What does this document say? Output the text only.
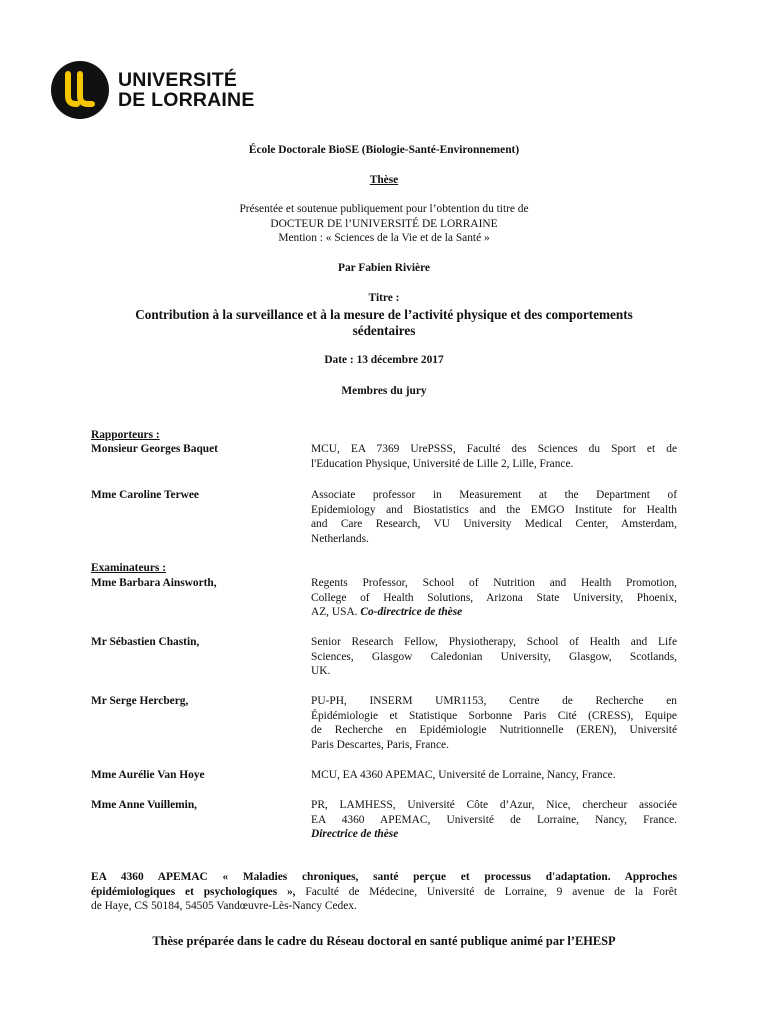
UNIVERSITÉ
DE LORRAINE
École Doctorale BioSE (Biologie-Santé-Environnement)
Thèse
Présentée et soutenue publiquement pour l’obtention du titre de
DOCTEUR DE l’UNIVERSITÉ DE LORRAINE
Mention : « Sciences de la Vie et de la Santé »
Par Fabien Rivière
Titre :
Contribution à la surveillance et à la mesure de l’activité physique et des comportements
sédentaires
Date : 13 décembre 2017
Membres du jury
Rapporteurs :
Monsieur Georges Baquet	MCU, EA 7369 UrePSSS, Faculté des Sciences du Sport et de
l'Education Physique, Université de Lille 2, Lille, France.
Mme Caroline Terwee	Associate professor in Measurement at the Department of
Epidemiology and Biostatistics and the EMGO Institute for Health
and Care Research, VU University Medical Center, Amsterdam,
Netherlands.
Examinateurs :
Mme Barbara Ainsworth,	Regents Professor, School of Nutrition and Health Promotion,
College of Health Solutions, Arizona State University, Phoenix,
AZ, USA. Co-directrice de thèse
Mr Sébastien Chastin,	Senior Research Fellow, Physiotherapy, School of Health and Life
Sciences, Glasgow Caledonian University, Glasgow, Scotlands,
UK.
Mr Serge Hercberg,	PU-PH, INSERM UMR1153, Centre de Recherche en
Épidémiologie et Statistique Sorbonne Paris Cité (CRESS), Equipe
de Recherche en Epidémiologie Nutritionnelle (EREN), Université
Paris Descartes, Paris, France.
Mme Aurélie Van Hoye	MCU, EA 4360 APEMAC, Université de Lorraine, Nancy, France.
Mme Anne Vuillemin,	PR, LAMHESS, Université Côte d’Azur, Nice, chercheur associée
EA 4360 APEMAC, Université de Lorraine, Nancy, France.
Directrice de thèse
EA 4360 APEMAC « Maladies chroniques, santé perçue et processus d'adaptation. Approches
épidémiologiques et psychologiques », Faculté de Médecine, Université de Lorraine, 9 avenue de la Forêt
de Haye, CS 50184, 54505 Vandœuvre-Lès-Nancy Cedex.
Thèse préparée dans le cadre du Réseau doctoral en santé publique animé par l’EHESP
